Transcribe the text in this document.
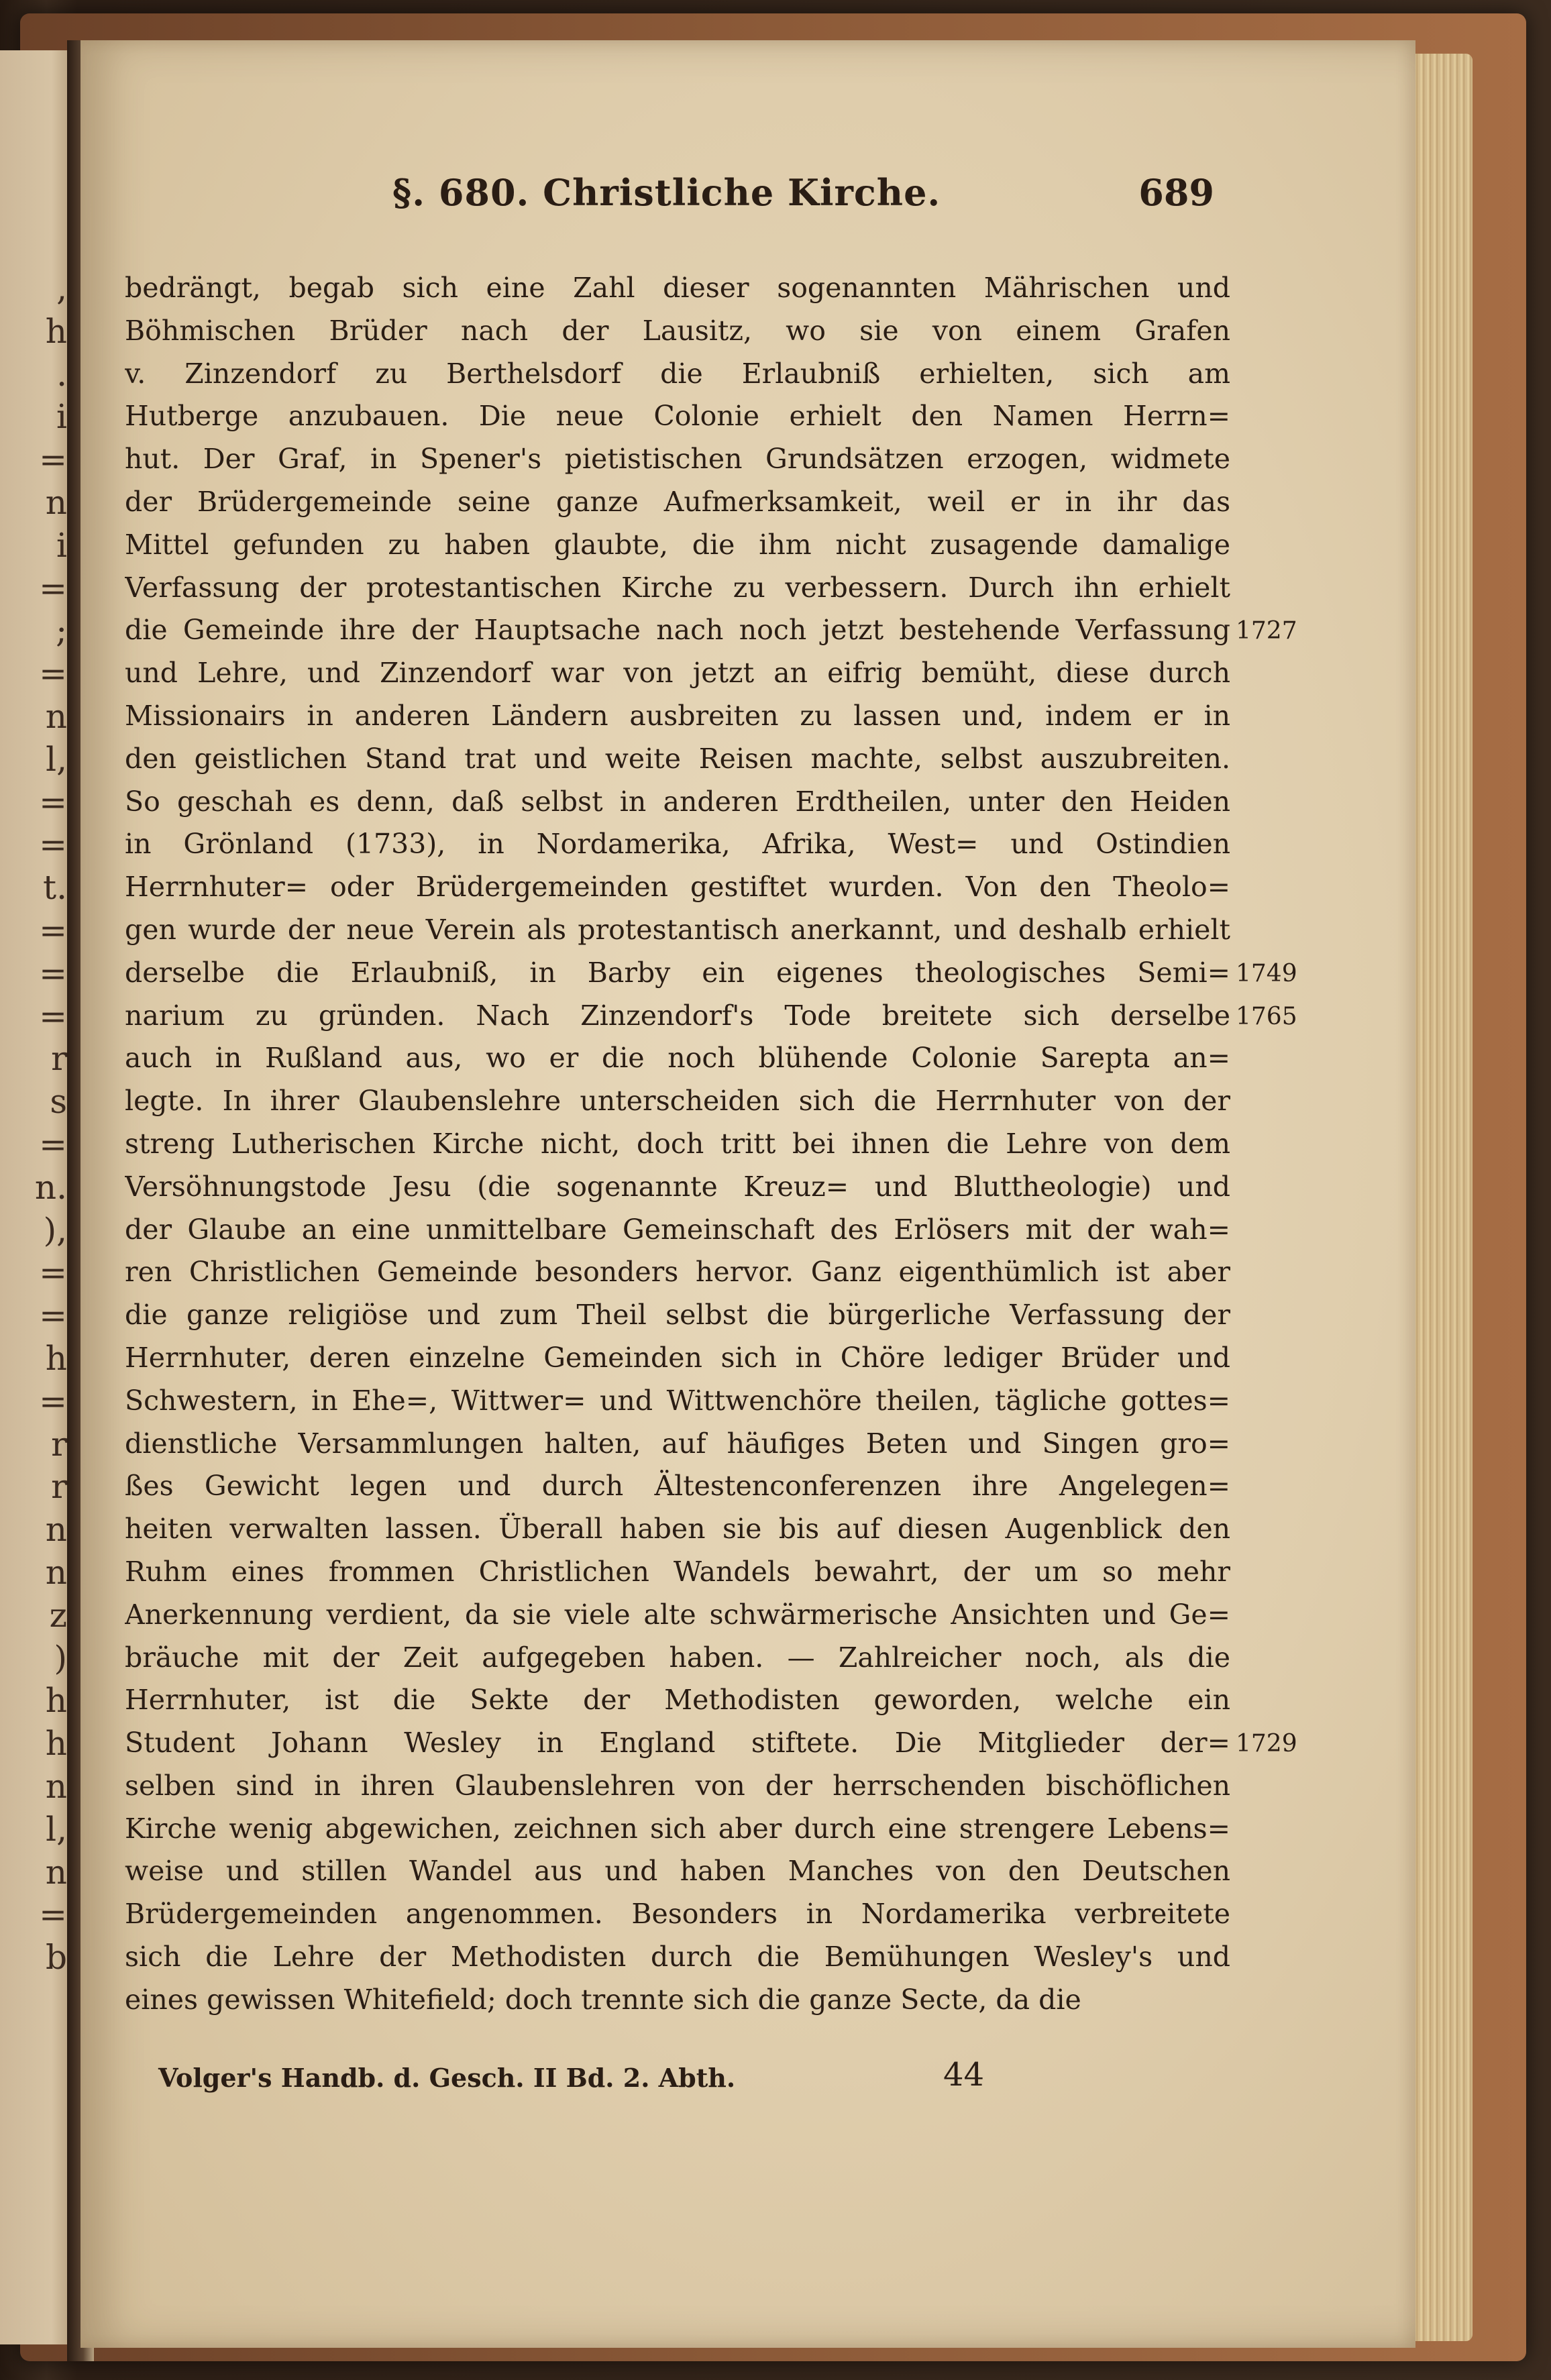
,
h
.
i
=
n
i
=
;
=
n
l,
=
=
t.
=
=
=
r
s
=
n.
),
=
=
h
=
r
r
n
n
z
)
h
h
n
l,
n
=
b
§. 680. Christliche Kirche.	689
bedrängt, begab sich eine Zahl dieser sogenannten Mährischen und
Böhmischen Brüder nach der Lausitz, wo sie von einem Grafen
v. Zinzendorf zu Berthelsdorf die Erlaubniß erhielten, sich am
Hutberge anzubauen. Die neue Colonie erhielt den Namen Herrn=
hut. Der Graf, in Spener's pietistischen Grundsätzen erzogen, widmete
der Brüdergemeinde seine ganze Aufmerksamkeit, weil er in ihr das
Mittel gefunden zu haben glaubte, die ihm nicht zusagende damalige
Verfassung der protestantischen Kirche zu verbessern. Durch ihn erhielt
die Gemeinde ihre der Hauptsache nach noch jetzt bestehende Verfassung
und Lehre, und Zinzendorf war von jetzt an eifrig bemüht, diese durch
Missionairs in anderen Ländern ausbreiten zu lassen und, indem er in
den geistlichen Stand trat und weite Reisen machte, selbst auszubreiten.
So geschah es denn, daß selbst in anderen Erdtheilen, unter den Heiden
in Grönland (1733), in Nordamerika, Afrika, West= und Ostindien
Herrnhuter= oder Brüdergemeinden gestiftet wurden. Von den Theolo=
gen wurde der neue Verein als protestantisch anerkannt, und deshalb erhielt
derselbe die Erlaubniß, in Barby ein eigenes theologisches Semi=
narium zu gründen. Nach Zinzendorf's Tode breitete sich derselbe
auch in Rußland aus, wo er die noch blühende Colonie Sarepta an=
legte. In ihrer Glaubenslehre unterscheiden sich die Herrnhuter von der
streng Lutherischen Kirche nicht, doch tritt bei ihnen die Lehre von dem
Versöhnungstode Jesu (die sogenannte Kreuz= und Bluttheologie) und
der Glaube an eine unmittelbare Gemeinschaft des Erlösers mit der wah=
ren Christlichen Gemeinde besonders hervor. Ganz eigenthümlich ist aber
die ganze religiöse und zum Theil selbst die bürgerliche Verfassung der
Herrnhuter, deren einzelne Gemeinden sich in Chöre lediger Brüder und
Schwestern, in Ehe=, Wittwer= und Wittwenchöre theilen, tägliche gottes=
dienstliche Versammlungen halten, auf häufiges Beten und Singen gro=
ßes Gewicht legen und durch Ältestenconferenzen ihre Angelegen=
heiten verwalten lassen. Überall haben sie bis auf diesen Augenblick den
Ruhm eines frommen Christlichen Wandels bewahrt, der um so mehr
Anerkennung verdient, da sie viele alte schwärmerische Ansichten und Ge=
bräuche mit der Zeit aufgegeben haben. — Zahlreicher noch, als die
Herrnhuter, ist die Sekte der Methodisten geworden, welche ein
Student Johann Wesley in England stiftete. Die Mitglieder der=
selben sind in ihren Glaubenslehren von der herrschenden bischöflichen
Kirche wenig abgewichen, zeichnen sich aber durch eine strengere Lebens=
weise und stillen Wandel aus und haben Manches von den Deutschen
Brüdergemeinden angenommen. Besonders in Nordamerika verbreitete
sich die Lehre der Methodisten durch die Bemühungen Wesley's und
eines gewissen Whitefield; doch trennte sich die ganze Secte, da die
1727
1749
1765
1729
Volger's Handb. d. Gesch. II Bd. 2. Abth.	44
